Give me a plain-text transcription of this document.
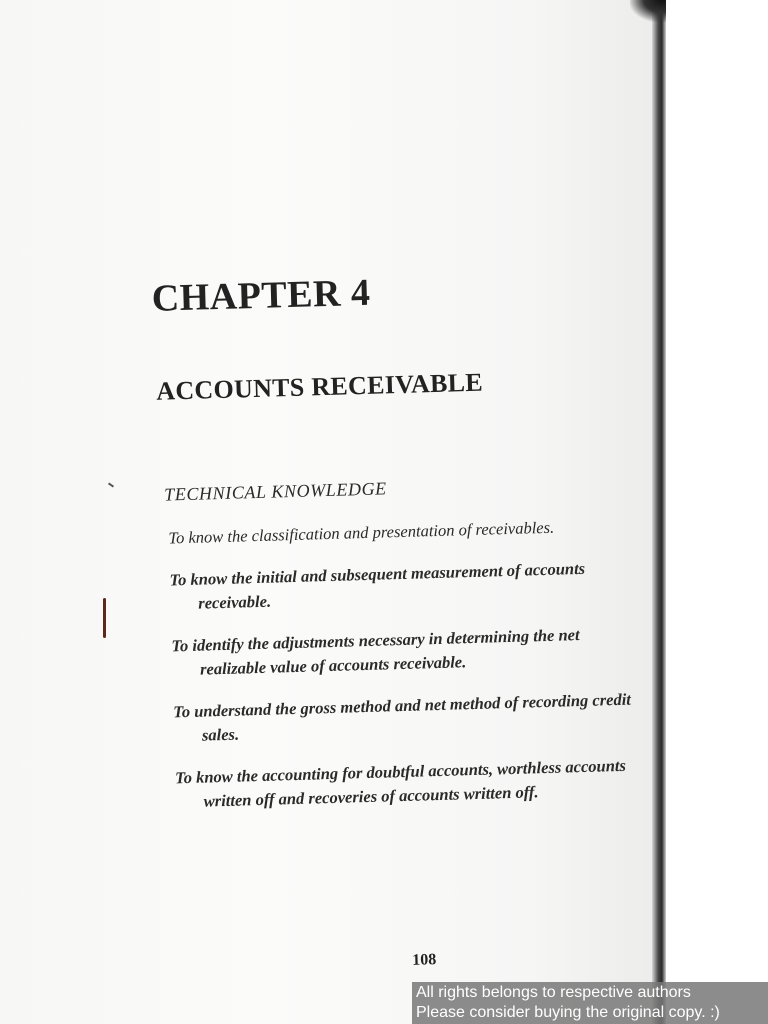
CHAPTER 4
ACCOUNTS RECEIVABLE
TECHNICAL KNOWLEDGE
To know the classification and presentation of receivables.
To know the initial and subsequent measurement of accounts receivable.
To identify the adjustments necessary in determining the net realizable value of accounts receivable.
To understand the gross method and net method of recording credit sales.
To know the accounting for doubtful accounts, worthless accounts written off and recoveries of accounts written off.
108
All rights belongs to respective authors
Please consider buying the original copy. :)
